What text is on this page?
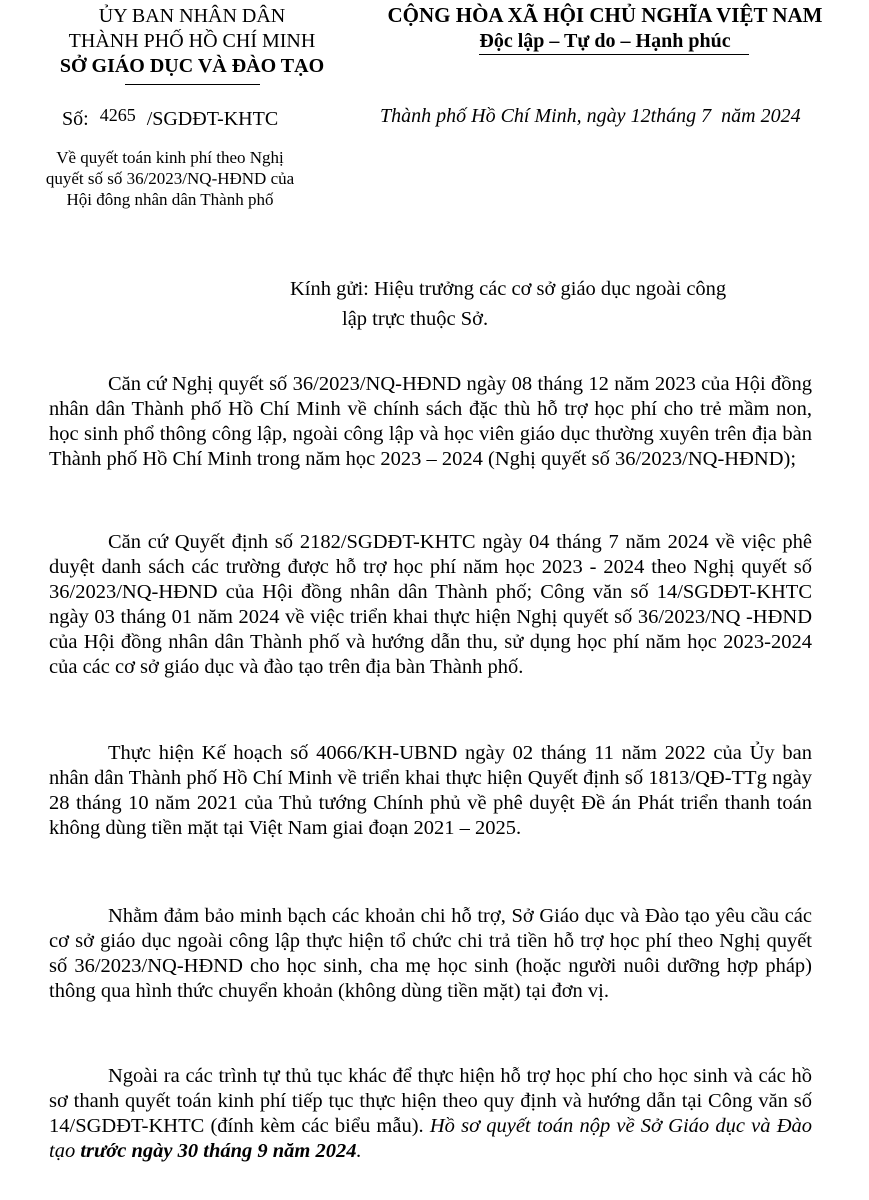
ỦY BAN NHÂN DÂN
THÀNH PHỐ HỒ CHÍ MINH
SỞ GIÁO DỤC VÀ ĐÀO TẠO
Số: 4265 /SGDĐT-KHTC
Về quyết toán kinh phí theo Nghị
quyết số số 36/2023/NQ-HĐND của
Hội đông nhân dân Thành phố
CỘNG HÒA XÃ HỘI CHỦ NGHĨA VIỆT NAM
Độc lập – Tự do – Hạnh phúc
Thành phố Hồ Chí Minh, ngày 12tháng 7  năm 2024
Kính gửi: Hiệu trưởng các cơ sở giáo dục ngoài công
lập trực thuộc Sở.
Căn cứ Nghị quyết số 36/2023/NQ-HĐND ngày 08 tháng 12 năm 2023 của Hội đồng nhân dân Thành phố Hồ Chí Minh về chính sách đặc thù hỗ trợ học phí cho trẻ mầm non, học sinh phổ thông công lập, ngoài công lập và học viên giáo dục thường xuyên trên địa bàn Thành phố Hồ Chí Minh trong năm học 2023 – 2024 (Nghị quyết số 36/2023/NQ-HĐND);
Căn cứ Quyết định số 2182/SGDĐT-KHTC ngày 04 tháng 7 năm 2024 về việc phê duyệt danh sách các trường được hỗ trợ học phí năm học 2023 - 2024 theo Nghị quyết số 36/2023/NQ-HĐND của Hội đồng nhân dân Thành phố; Công văn số 14/SGDĐT-KHTC ngày 03 tháng 01 năm 2024 về việc triển khai thực hiện Nghị quyết số 36/2023/NQ -HĐND của Hội đồng nhân dân Thành phố và hướng dẫn thu, sử dụng học phí năm học 2023-2024 của các cơ sở giáo dục và đào tạo trên địa bàn Thành phố.
Thực hiện Kế hoạch số 4066/KH-UBND ngày 02 tháng 11 năm 2022 của Ủy ban nhân dân Thành phố Hồ Chí Minh về triển khai thực hiện Quyết định số 1813/QĐ-TTg ngày 28 tháng 10 năm 2021 của Thủ tướng Chính phủ về phê duyệt Đề án Phát triển thanh toán không dùng tiền mặt tại Việt Nam giai đoạn 2021 – 2025.
Nhằm đảm bảo minh bạch các khoản chi hỗ trợ, Sở Giáo dục và Đào tạo yêu cầu các cơ sở giáo dục ngoài công lập thực hiện tổ chức chi trả tiền hỗ trợ học phí theo Nghị quyết số 36/2023/NQ-HĐND cho học sinh, cha mẹ học sinh (hoặc người nuôi dưỡng hợp pháp) thông qua hình thức chuyển khoản (không dùng tiền mặt) tại đơn vị.
Ngoài ra các trình tự thủ tục khác để thực hiện hỗ trợ học phí cho học sinh và các hồ sơ thanh quyết toán kinh phí tiếp tục thực hiện theo quy định và hướng dẫn tại Công văn số 14/SGDĐT-KHTC (đính kèm các biểu mẫu). Hồ sơ quyết toán nộp về Sở Giáo dục và Đào tạo trước ngày 30 tháng 9 năm 2024.
